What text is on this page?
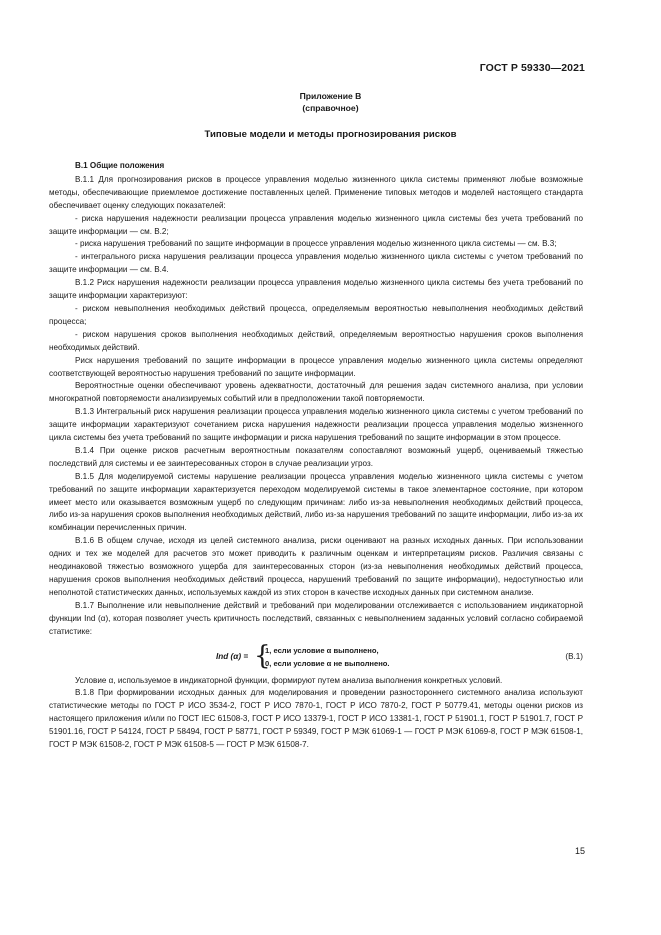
ГОСТ Р 59330—2021
Приложение В
(справочное)
Типовые модели и методы прогнозирования рисков
В.1 Общие положения

В.1.1 Для прогнозирования рисков в процессе управления моделью жизненного цикла системы применяют любые возможные методы, обеспечивающие приемлемое достижение поставленных целей. Применение типовых методов и моделей настоящего стандарта обеспечивает оценку следующих показателей:

- риска нарушения надежности реализации процесса управления моделью жизненного цикла системы без учета требований по защите информации — см. В.2;

- риска нарушения требований по защите информации в процессе управления моделью жизненного цикла системы — см. В.3;

- интегрального риска нарушения реализации процесса управления моделью жизненного цикла системы с учетом требований по защите информации — см. В.4.

В.1.2 Риск нарушения надежности реализации процесса управления моделью жизненного цикла системы без учета требований по защите информации характеризуют:

- риском невыполнения необходимых действий процесса, определяемым вероятностью невыполнения необходимых действий процесса;

- риском нарушения сроков выполнения необходимых действий, определяемым вероятностью нарушения сроков выполнения необходимых действий.

Риск нарушения требований по защите информации в процессе управления моделью жизненного цикла системы определяют соответствующей вероятностью нарушения требований по защите информации.

Вероятностные оценки обеспечивают уровень адекватности, достаточный для решения задач системного анализа, при условии многократной повторяемости анализируемых событий или в предположении такой повторяемости.

В.1.3 Интегральный риск нарушения реализации процесса управления моделью жизненного цикла системы с учетом требований по защите информации характеризуют сочетанием риска нарушения надежности реализации процесса управления моделью жизненного цикла системы без учета требований по защите информации и риска нарушения требований по защите информации в этом процессе.

В.1.4 При оценке рисков расчетным вероятностным показателям сопоставляют возможный ущерб, оцениваемый тяжестью последствий для системы и ее заинтересованных сторон в случае реализации угроз.

В.1.5 Для моделируемой системы нарушение реализации процесса управления моделью жизненного цикла системы с учетом требований по защите информации характеризуется переходом моделируемой системы в такое элементарное состояние, при котором имеет место или оказывается возможным ущерб по следующим причинам: либо из-за невыполнения необходимых действий процесса, либо из-за нарушения сроков выполнения необходимых действий, либо из-за нарушения требований по защите информации, либо из-за их комбинации перечисленных причин.

В.1.6 В общем случае, исходя из целей системного анализа, риски оценивают на разных исходных данных. При использовании одних и тех же моделей для расчетов это может приводить к различным оценкам и интерпретациям рисков. Различия связаны с неодинаковой тяжестью возможного ущерба для заинтересованных сторон (из-за невыполнения необходимых действий процесса, нарушения сроков выполнения необходимых действий процесса, нарушений требований по защите информации), недоступностью или неполнотой статистических данных, используемых каждой из этих сторон в качестве исходных данных при системном анализе.

В.1.7 Выполнение или невыполнение действий и требований при моделировании отслеживается с использованием индикаторной функции Ind (α), которая позволяет учесть критичность последствий, связанных с невыполнением заданных условий согласно собираемой статистике:

Ind (α) = {
1, если условие α выполнено,
0, если условие α не выполнено.
(В.1)

Условие α, используемое в индикаторной функции, формируют путем анализа выполнения конкретных условий.

В.1.8 При формировании исходных данных для моделирования и проведении разностороннего системного анализа используют статистические методы по ГОСТ Р ИСО 3534-2, ГОСТ Р ИСО 7870-1, ГОСТ Р ИСО 7870-2, ГОСТ Р 50779.41, методы оценки рисков из настоящего приложения и/или по ГОСТ IEC 61508-3, ГОСТ Р ИСО 13379-1, ГОСТ Р ИСО 13381-1, ГОСТ Р 51901.1, ГОСТ Р 51901.7, ГОСТ Р 51901.16, ГОСТ Р 54124, ГОСТ Р 58494, ГОСТ Р 58771, ГОСТ Р 59349, ГОСТ Р МЭК 61069-1 — ГОСТ Р МЭК 61069-8, ГОСТ Р МЭК 61508-1, ГОСТ Р МЭК 61508-2, ГОСТ Р МЭК 61508-5 — ГОСТ Р МЭК 61508-7.

15
